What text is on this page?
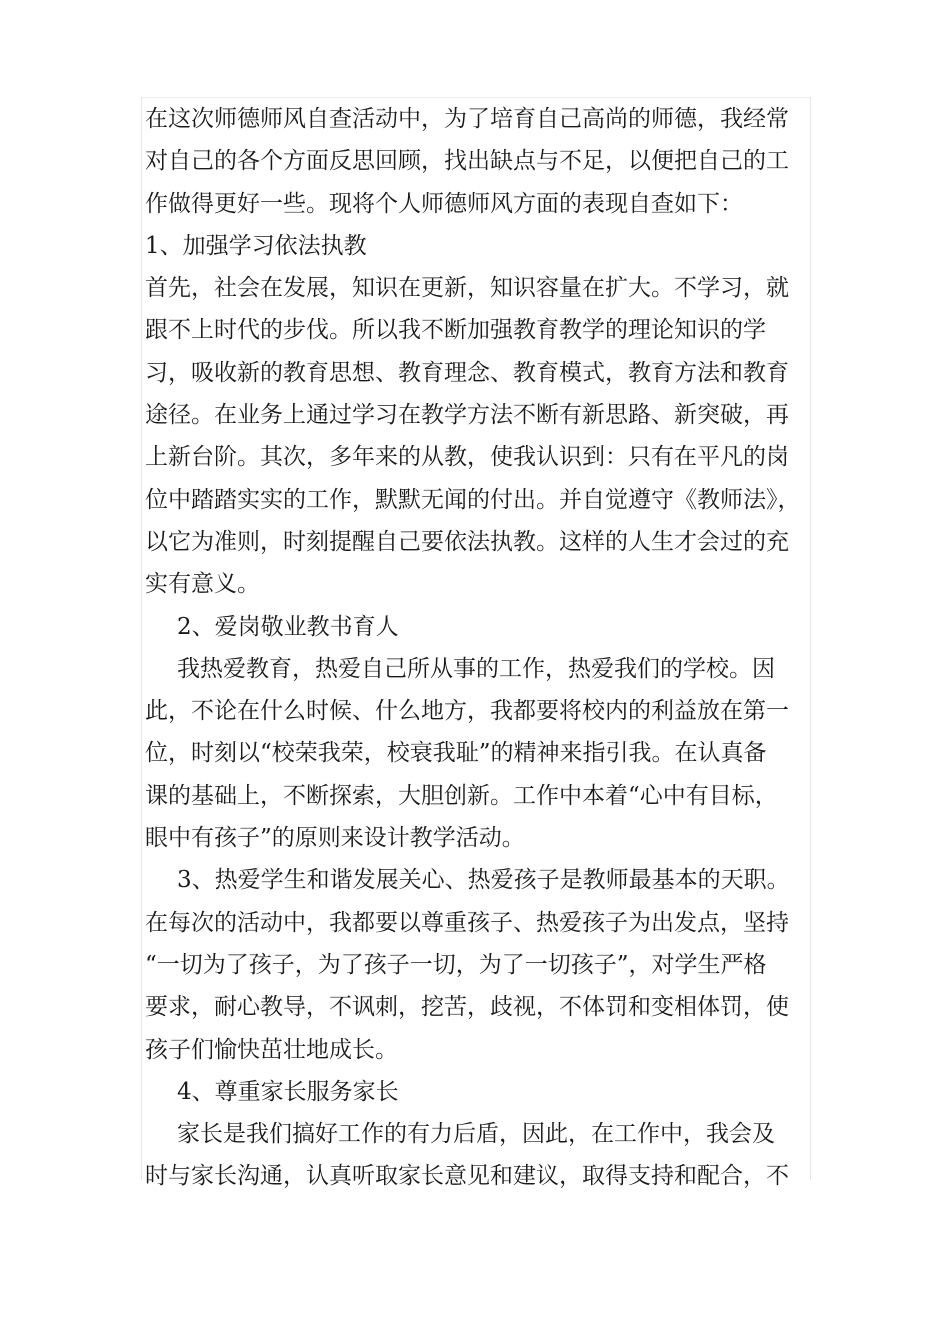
在这次师德师风自查活动中，为了培育自己高尚的师德，我经常
对自己的各个方面反思回顾，找出缺点与不足，以便把自己的工
作做得更好一些。现将个人师德师风方面的表现自查如下：
1、加强学习依法执教
首先，社会在发展，知识在更新，知识容量在扩大。不学习，就
跟不上时代的步伐。所以我不断加强教育教学的理论知识的学
习，吸收新的教育思想、教育理念、教育模式，教育方法和教育
途径。在业务上通过学习在教学方法不断有新思路、新突破，再
上新台阶。其次，多年来的从教，使我认识到：只有在平凡的岗
位中踏踏实实的工作，默默无闻的付出。并自觉遵守《教师法》，
以它为准则，时刻提醒自己要依法执教。这样的人生才会过的充
实有意义。
2、爱岗敬业教书育人
我热爱教育，热爱自己所从事的工作，热爱我们的学校。因
此，不论在什么时候、什么地方，我都要将校内的利益放在第一
位，时刻以“校荣我荣，校衰我耻”的精神来指引我。在认真备
课的基础上，不断探索，大胆创新。工作中本着“心中有目标，
眼中有孩子”的原则来设计教学活动。
3、热爱学生和谐发展关心、热爱孩子是教师最基本的天职。
在每次的活动中，我都要以尊重孩子、热爱孩子为出发点，坚持
“一切为了孩子，为了孩子一切，为了一切孩子”，对学生严格
要求，耐心教导，不讽刺，挖苦，歧视，不体罚和变相体罚，使
孩子们愉快茁壮地成长。
4、尊重家长服务家长
家长是我们搞好工作的有力后盾，因此，在工作中，我会及
时与家长沟通，认真听取家长意见和建议，取得支持和配合，不
